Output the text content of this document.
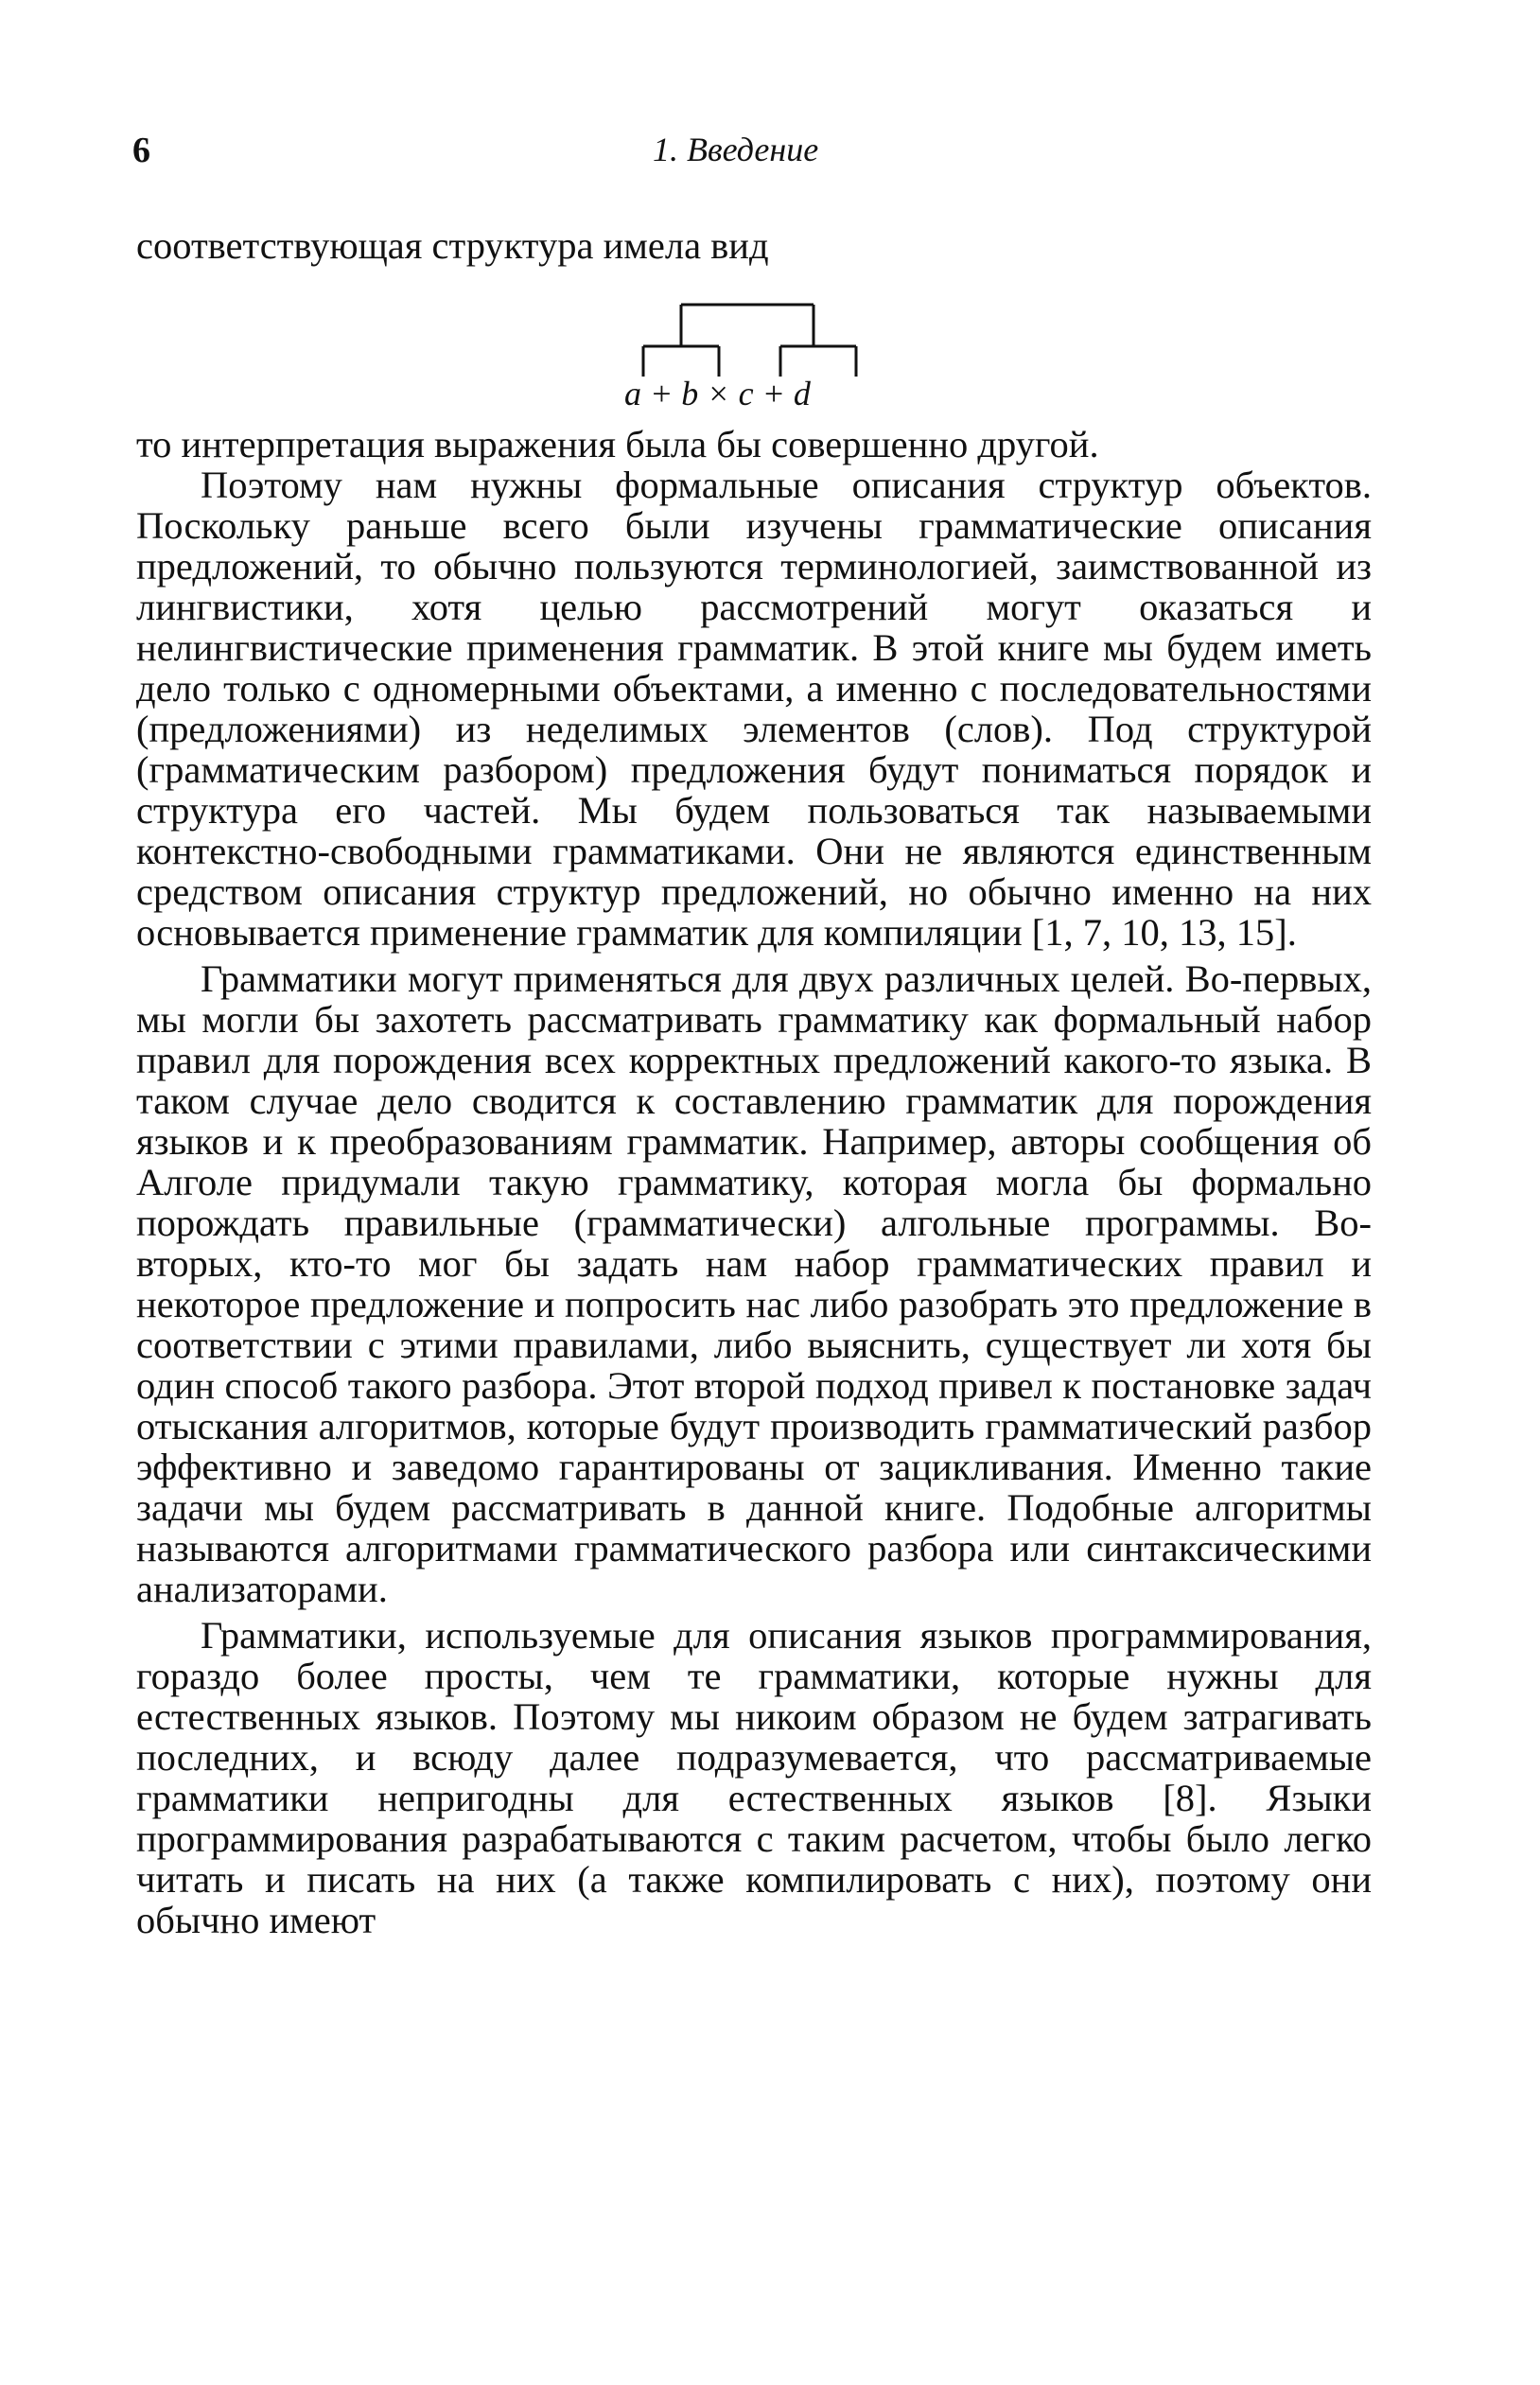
6	1. Введение
соответствующая структура имела вид
a + b × c + d

то интерпретация выражения была бы совершенно другой.

Поэтому нам нужны формальные описания структур объектов. Поскольку раньше всего были изучены грамматические описания предложений, то обычно пользуются терминологией, заимствованной из лингвистики, хотя целью рассмотрений могут оказаться и нелингвистические применения грамматик. В этой книге мы будем иметь дело только с одномерными объектами, а именно с последовательностями (предложениями) из неделимых элементов (слов). Под структурой (грамматическим разбором) предложения будут пониматься порядок и структура его частей. Мы будем пользоваться так называемыми контекстно-свободными грамматиками. Они не являются единственным средством описания структур предложений, но обычно именно на них основывается применение грамматик для компиляции [1, 7, 10, 13, 15].

Грамматики могут применяться для двух различных целей. Во-первых, мы могли бы захотеть рассматривать грамматику как формальный набор правил для порождения всех корректных предложений какого-то языка. В таком случае дело сводится к составлению грамматик для порождения языков и к преобразованиям грамматик. Например, авторы сообщения об Алголе придумали такую грамматику, которая могла бы формально порождать правильные (грамматически) алгольные программы. Во-вторых, кто-то мог бы задать нам набор грамматических правил и некоторое предложение и попросить нас либо разобрать это предложение в соответствии с этими правилами, либо выяснить, существует ли хотя бы один способ такого разбора. Этот второй подход привел к постановке задач отыскания алгоритмов, которые будут производить грамматический разбор эффективно и заведомо гарантированы от зацикливания. Именно такие задачи мы будем рассматривать в данной книге. Подобные алгоритмы называются алгоритмами грамматического разбора или синтаксическими анализаторами.

Грамматики, используемые для описания языков программирования, гораздо более просты, чем те грамматики, которые нужны для естественных языков. Поэтому мы никоим образом не будем затрагивать последних, и всюду далее подразумевается, что рассматриваемые грамматики непригодны для естественных языков [8]. Языки программирования разрабатываются с таким расчетом, чтобы было легко читать и писать на них (а также компилировать с них), поэтому они обычно имеют
